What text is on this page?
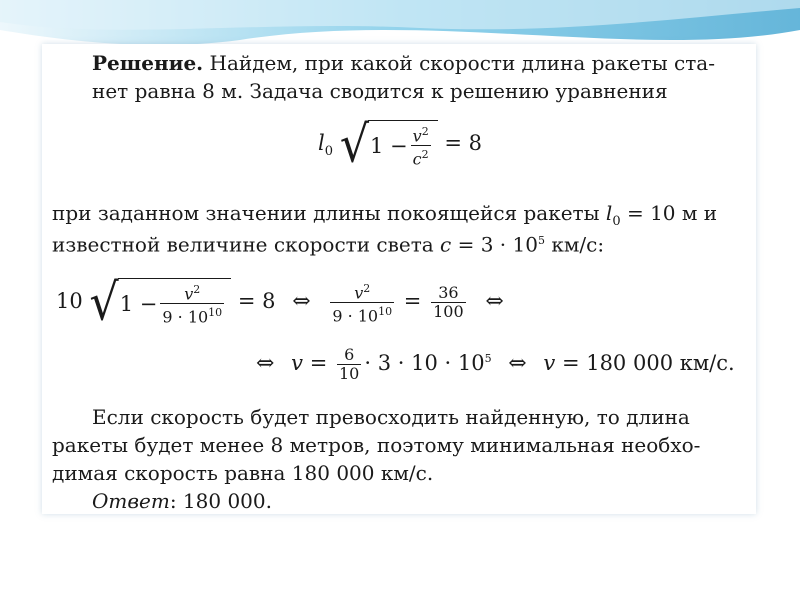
Решение. Найдем, при какой скорости длина ракеты ста-
нет равна 8 м. Задача сводится к решению уравнения
$l_0$ √ $1 - \frac{v^2}{c^2} = 8$
при заданном значении длины покоящейся ракеты $l_0 = 10$ м и
известной величине скорости света $c = 3 \cdot 10^5$ км/с:
10 √ $1 - \frac{v^2}{9 \cdot 10^{10}} = 8$ ⇔ $\frac{v^2}{9 \cdot 10^{10}} = \frac{36}{100}$ ⇔
⇔ $v = \frac{6}{10} \cdot 3 \cdot 10 \cdot 10^5$ ⇔ v = 180 000 км/с.
Если скорость будет превосходить найденную, то длина
ракеты будет менее 8 метров, поэтому минимальная необхо-
димая скорость равна 180 000 км/с.
Ответ: 180 000.
